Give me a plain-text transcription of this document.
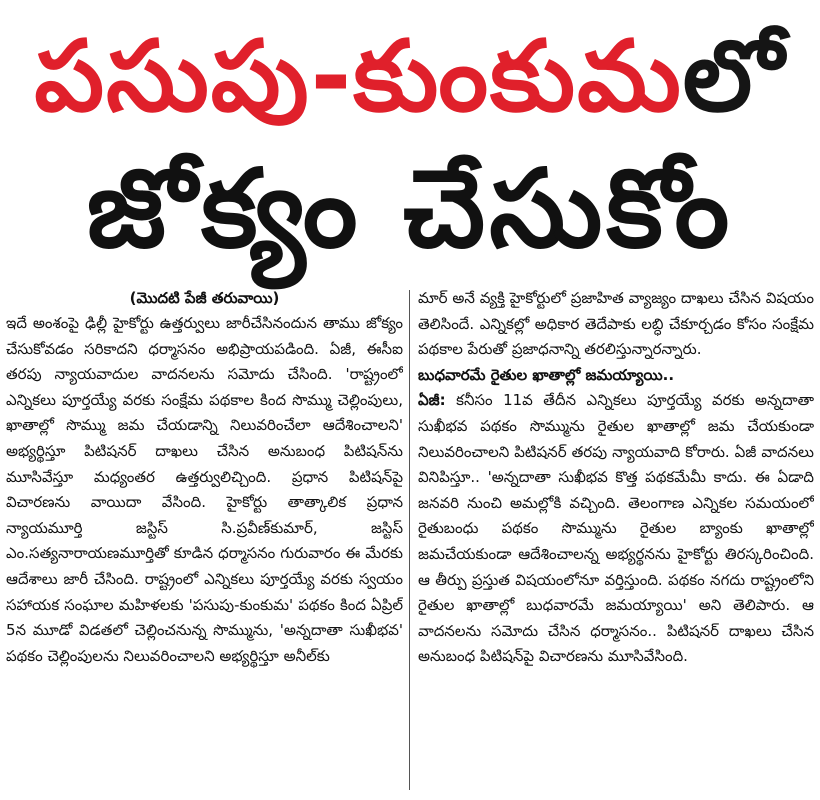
పసుపు-కుంకుమలో
జోక్యం చేసుకోం

(మొదటి పేజీ తరువాయి)

ఇదే అంశంపై ఢిల్లీ హైకోర్టు ఉత్తర్వులు జారీచేసినందున తాము జోక్యం చేసుకోవడం సరికాదని ధర్మాసనం అభిప్రాయపడింది. ఏజీ, ఈసీఐ తరపు న్యాయవాదుల వాదనలను సమోదు చేసింది. 'రాష్ట్రంలో ఎన్నికలు పూర్తయ్యే వరకు సంక్షేమ పథకాల కింద సొమ్ము చెల్లింపులు, ఖాతాల్లో సొమ్ము జమ చేయడాన్ని నిలువరించేలా ఆదేశించాలని' అభ్యర్థిస్తూ పిటిషనర్ దాఖలు చేసిన అనుబంధ పిటిషన్‌ను మూసివేస్తూ మధ్యంతర ఉత్తర్వులిచ్చింది. ప్రధాన పిటిషన్‌పై విచారణను వాయిదా వేసింది. హైకోర్టు తాత్కాలిక ప్రధాన న్యాయమూర్తి జస్టిస్ సి.ప్రవీణ్‌కుమార్, జస్టిస్ ఎం.సత్యనారాయణమూర్తితో కూడిన ధర్మాసనం గురువారం ఈ మేరకు ఆదేశాలు జారీ చేసింది. రాష్ట్రంలో ఎన్నికలు పూర్తయ్యే వరకు స్వయం సహాయక సంఘాల మహిళలకు 'పసుపు-కుంకుమ' పథకం కింద ఏప్రిల్ 5న మూడో విడతలో చెల్లించనున్న సొమ్మును, 'అన్నదాతా సుఖీభవ' పథకం చెల్లింపులను నిలువరించాలని అభ్యర్థిస్తూ అనీల్‌కు

మార్ అనే వ్యక్తి హైకోర్టులో ప్రజాహిత వ్యాజ్యం దాఖలు చేసిన విషయం తెలిసిందే. ఎన్నికల్లో అధికార తెదేపాకు లబ్ధి చేకూర్చడం కోసం సంక్షేమ పథకాల పేరుతో ప్రజాధనాన్ని తరలిస్తున్నారన్నారు.

బుధవారమే రైతుల ఖాతాల్లో జమయ్యాయి..

ఏజీ: కనీసం 11వ తేదీన ఎన్నికలు పూర్తయ్యే వరకు అన్నదాతా సుఖీభవ పథకం సొమ్మును రైతుల ఖాతాల్లో జమ చేయకుండా నిలువరించాలని పిటిషనర్ తరపు న్యాయవాది కోరారు. ఏజీ వాదనలు వినిపిస్తూ.. 'అన్నదాతా సుఖీభవ కొత్త పథకమేమీ కాదు. ఈ ఏడాది జనవరి నుంచి అమల్లోకి వచ్చింది. తెలంగాణ ఎన్నికల సమయంలో రైతుబంధు పథకం సొమ్మును రైతుల బ్యాంకు ఖాతాల్లో జమచేయకుండా ఆదేశించాలన్న అభ్యర్థనను హైకోర్టు తిరస్కరించింది. ఆ తీర్పు ప్రస్తుత విషయంలోనూ వర్తిస్తుంది. పథకం నగదు రాష్ట్రంలోని రైతుల ఖాతాల్లో బుధవారమే జమయ్యాయి' అని తెలిపారు. ఆ వాదనలను సమోదు చేసిన ధర్మాసనం.. పిటిషనర్ దాఖలు చేసిన అనుబంధ పిటిషన్‌పై విచారణను మూసివేసింది.
